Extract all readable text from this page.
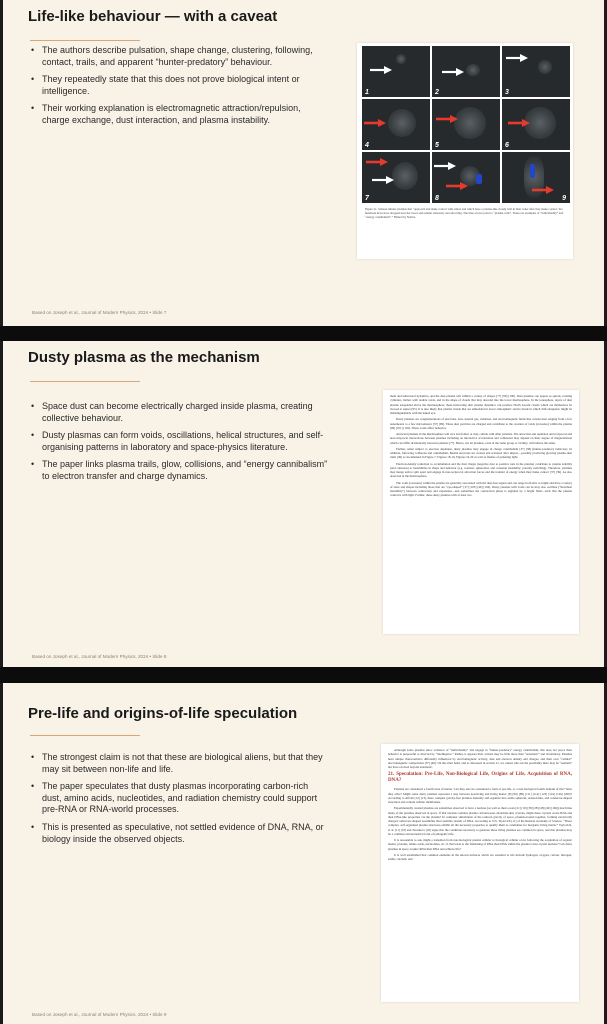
Life-like behaviour — with a caveat
• The authors describe pulsation, shape change, clustering, following, contact, trails, and apparent “hunter-predatory” behaviour.
• They repeatedly state that this does not prove biological intent or intelligence.
• Their working explanation is electromagnetic attraction/repulsion, charge exchange, dust interaction, and plasma instability.
1	2	3
4	5	6
7	8	9
Figure 21. Sixteen-minute plasmas that “approach and make contact with others and which have a plasma-like cloudy trail in their wake after they make contact. Six hundreds more have dropped near the lower and remain stationary and attracting. The blue arrows point to “plasma-cells”. These are examples of “individuality” and “energy cannibalism”.” Filmed by NASA.
Based on Joseph et al., Journal of Modern Physics, 2024 • Slide 7
Dusty plasma as the mechanism
• Space dust can become electrically charged inside plasma, creating collective behaviour.
• Dusty plasmas can form voids, oscillations, helical structures, and self-organising patterns in laboratory and space-physics literature.
• The paper links plasma trails, glow, collisions, and “energy cannibalism” to electron transfer and charge dynamics.

ment and behavioral dynamics, and the dust plasma will exhibit a variety of shapes [77] [99] [100]. Dust plasmas can appear as spirals, rotating cylinders, bullets with double voids, and in the shape of clouds that may descend into the lower thermosphere. In the ionosphere, layers of dust plasma suspended above the thermosphere; these interacting dust plasma dynamics can produce North Lucent clouds which are themselves be viewed at sunset [95]. It is also likely that plasma clouds that are embedded in lower atmospheric storm clouds in which drift elongated, might be indistinguishable with the naked eye.

Dusty plasmas are conglomerations of electrons, ions, neutral gas, radiation, and electromagnetic fields that consist dust ranging from a few nanometers to a few micrometers [37] [99]. These dust particles are charged and contribute to the creation of voids (vacuoles) within the plasma [99] [101] [102]. These voids affect behavior.

Attracted plasmas in the thermosphere will race and follow or may collide with other plasmas. The attraction and repulsion and reciprocal and non-reciprocal interactions between plasmas including an interactive acceleration and collisional may depend on their degree of magnetization which can differ dramatically between plasmas [77]. Hence, not all plasmas, even in the same group or vicinity, will behave the same.

Further, when subject to electron depletion, dusty plasmas may engage in charge cannibalism [37] [38] (hunter-predatory behavior). In addition, following collisions and cannibalism, Bestial electrons are created and scattered after impact—possibly producing glowing plasma-dust trails [49] as documented in Figure 7, Figures 18-19, Figures 19-20 as well as flashes of pulsating light.

Electron-density reduction to accumulation and the dust charge (negative dust to positive ions in the plasma) contribute to plasma stability (and cohesion) to instabilities in shape and behavior (e.g. rotation, spheroidal, and cartesian instability; polarity switching). Therefore, plasmas may merge and/or split apart and engage in non-reciprocal attraction forces and the transfer of energy when they make contact [37] [39]. As also observed in the thermosphere.

The voids (vacuoles) within the plasma are generally associated with the dust-free region and can range from slits to bright and have a variety of sizes and shapes including those that are “eye-shaped” [37] [103] [49] [104]. Dusty plasmas with voids can be may also oscillate (“heartbeat instability”) between contraction and expansion—and sometimes the contraction phase is signaled by a bright flash—such that the plasma contracts with light. Further, these dusty plasmas with at least two

Based on Joseph et al., Journal of Modern Physics, 2024 • Slide 8
Pre-life and origins-of-life speculation
• The strongest claim is not that these are biological aliens, but that they may sit between non-life and life.
• The paper speculates that dusty plasmas incorporating carbon-rich dust, amino acids, nucleotides, and radiation chemistry could support pre-RNA or RNA-world processes.
• This is presented as speculative, not settled evidence of DNA, RNA, or biology inside the observed objects.

Although some plasmas show evidence of “individuality” and engage in “hunter-predatory” energy cannibalism, this does not prove their behavior is purposeful or directed by “intelligence.” Rather, it appears their actions may be little more than “automatic” and involuntary. Plasmas have unique characteristics differently influenced by electromagnetic activity, dust and electron density and charges, and their own “cellular” electromagnetic composition [37] [49]. On the other hand, and as discussed in section 21, we cannot rule out the possibility there may be “sentient” but have evolved beyond automatic.

21. Speculation: Pre-Life, Non-Biological Life, Origins of Life, Acquisition of RNA, DNA?

Plasmas are considered a fourth state of matter. Can they also be considered a form of pre-life, or a non-biological fourth domain of life? Were they alive? Might some dusty plasmas represent a step between non-living and living matter [8] [99] [89] [111] [112] [123] [124] [126] [200]? According to Alfvén [12] [13], there complex gravity-free plasmas naturally self-organize into stable spheroid, ordered-like, and conductor-shaped structures and contain cellular membranes.

Experimentally created plasmas are sometimes observed to have a nucleus (as well as their ocean [21] [19] [38] [28] [48] [49] [166]) much like many of the plasmas observed in space. If that nucleus contains plasma carbonaceous chondrite-dust crystals, might these crystals create RNA and then DNA-like properties via the plasma? In computer simulations of the reduced gravity of space, plasmas-bound together, forming electrically charged corkscrew-shaped assemblies that resemble strands of DNA. According to V.N. Tsytovich [11] of the Russian Academy of Science, “These complex, self-organized plasma structures exhibit all the necessary properties to qualify them as candidates for inorganic living matter.” Tsytovich, et al. [11] [16] and Tsvetkova [18] argue that the conditions necessary to generate these living plasmas are common in space, and that plasmas may be a common extraterrestrial form of (allergenic) life.

It is reasonable to ask, might a transition from non-biological plasma cellular to biological cellular occur following the acquisition of organic matter, proteins, amino acids, nucleotides, etc. if that leads to the fashioning of RNA then DNA within the plasma’s dust-crystal nucleus? Can dusty plasmas in space acquire RNA then DNA and achieve life?

It is well established that common elements in the known universe which are essential to life include hydrogen, oxygen, carbon, nitrogen, sulfur, calcium, and

Based on Joseph et al., Journal of Modern Physics, 2024 • Slide 9
